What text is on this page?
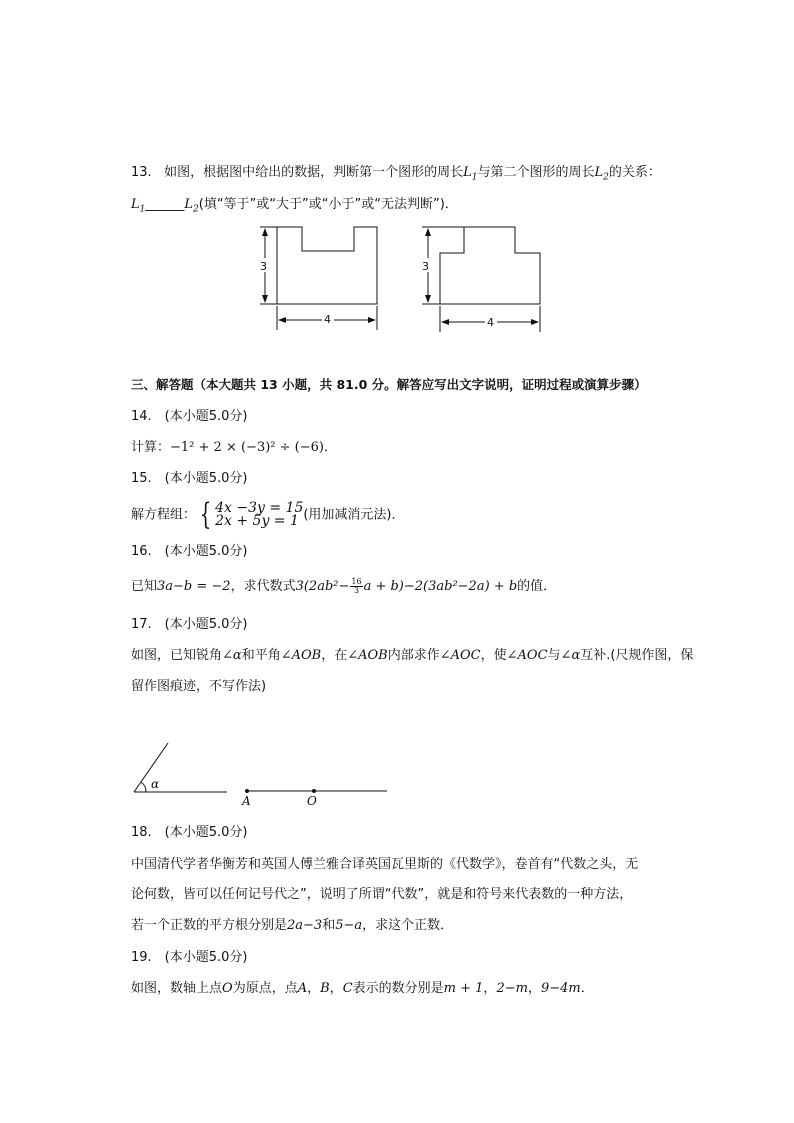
13. 如图，根据图中给出的数据，判断第一个图形的周长$L_1$与第二个图形的周长$L_2$的关系：
$L_1\_\_\_\_\_\_L_2$(填“等于”或“大于”或“小于”或“无法判断”)．
3
4
3
4
三、解答题（本大题共 13 小题，共 81.0 分。解答应写出文字说明，证明过程或演算步骤）
14.　(本小题5.0分)
计算：−1² + 2 × (−3)² ÷ (−6)．
15.　(本小题5.0分)
解方程组： { 4x −3y = 15
2x + 5y = 1 (用加减消元法)．
16.　(本小题5.0分)
已知3a−b = −2，求代数式$3(2ab^2- \frac{16}{3}$ a + b)−2(3ab²−2a) + b的值．
17.　(本小题5.0分)
如图，已知锐角∠α和平角∠AOB，在∠AOB内部求作∠AOC，使∠AOC与∠α互补.(尺规作图，保
留作图痕迹，不写作法)
α
A	O
18.　(本小题5.0分)
中国清代学者华衡芳和英国人傅兰雅合译英国瓦里斯的《代数学》，卷首有“代数之头，无
论何数，皆可以任何记号代之”，说明了所谓“代数”，就是和符号来代表数的一种方法，
若一个正数的平方根分别是2a−3和5−a，求这个正数．
19.　(本小题5.0分)
如图，数轴上点O为原点，点A，B，C表示的数分别是m + 1，2−m，9−4m．
